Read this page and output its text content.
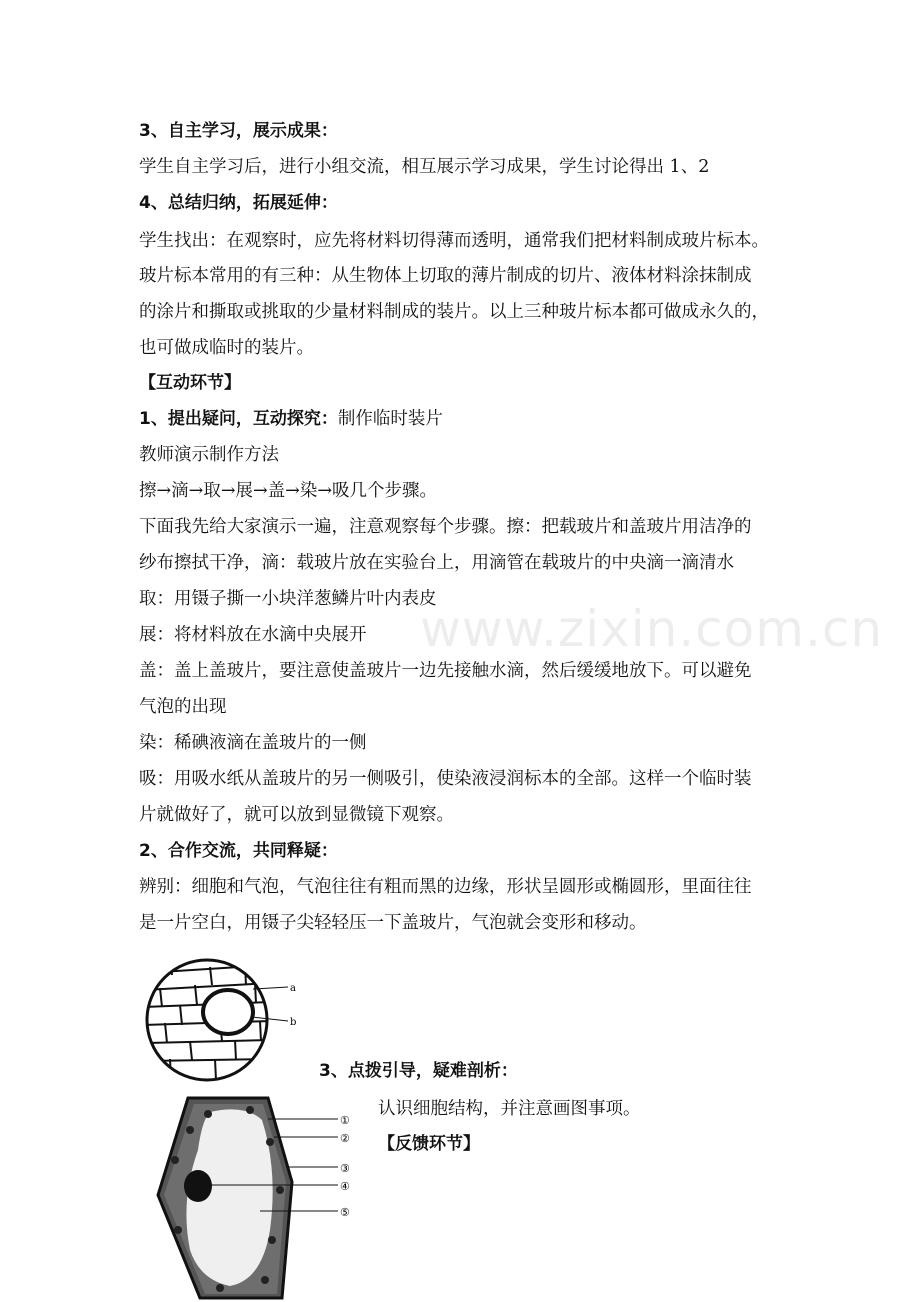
www.zixin.com.cn
3、自主学习，展示成果：
学生自主学习后，进行小组交流，相互展示学习成果，学生讨论得出 1、2
4、总结归纳，拓展延伸：
学生找出：在观察时，应先将材料切得薄而透明，通常我们把材料制成玻片标本。
玻片标本常用的有三种：从生物体上切取的薄片制成的切片、液体材料涂抹制成
的涂片和撕取或挑取的少量材料制成的装片。以上三种玻片标本都可做成永久的，
也可做成临时的装片。
【互动环节】
1、提出疑问，互动探究：制作临时装片
教师演示制作方法
擦→滴→取→展→盖→染→吸几个步骤。
下面我先给大家演示一遍，注意观察每个步骤。擦：把载玻片和盖玻片用洁净的
纱布擦拭干净，滴：载玻片放在实验台上，用滴管在载玻片的中央滴一滴清水
取：用镊子撕一小块洋葱鳞片叶内表皮
展：将材料放在水滴中央展开
盖：盖上盖玻片，要注意使盖玻片一边先接触水滴，然后缓缓地放下。可以避免
气泡的出现
染：稀碘液滴在盖玻片的一侧
吸：用吸水纸从盖玻片的另一侧吸引，使染液浸润标本的全部。这样一个临时装
片就做好了，就可以放到显微镜下观察。
2、合作交流，共同释疑：
辨别：细胞和气泡，气泡往往有粗而黑的边缘，形状呈圆形或椭圆形，里面往往
是一片空白，用镊子尖轻轻压一下盖玻片，气泡就会变形和移动。
a
b
3、点拨引导，疑难剖析：
认识细胞结构，并注意画图事项。
【反馈环节】
①
②
③
④
⑤
